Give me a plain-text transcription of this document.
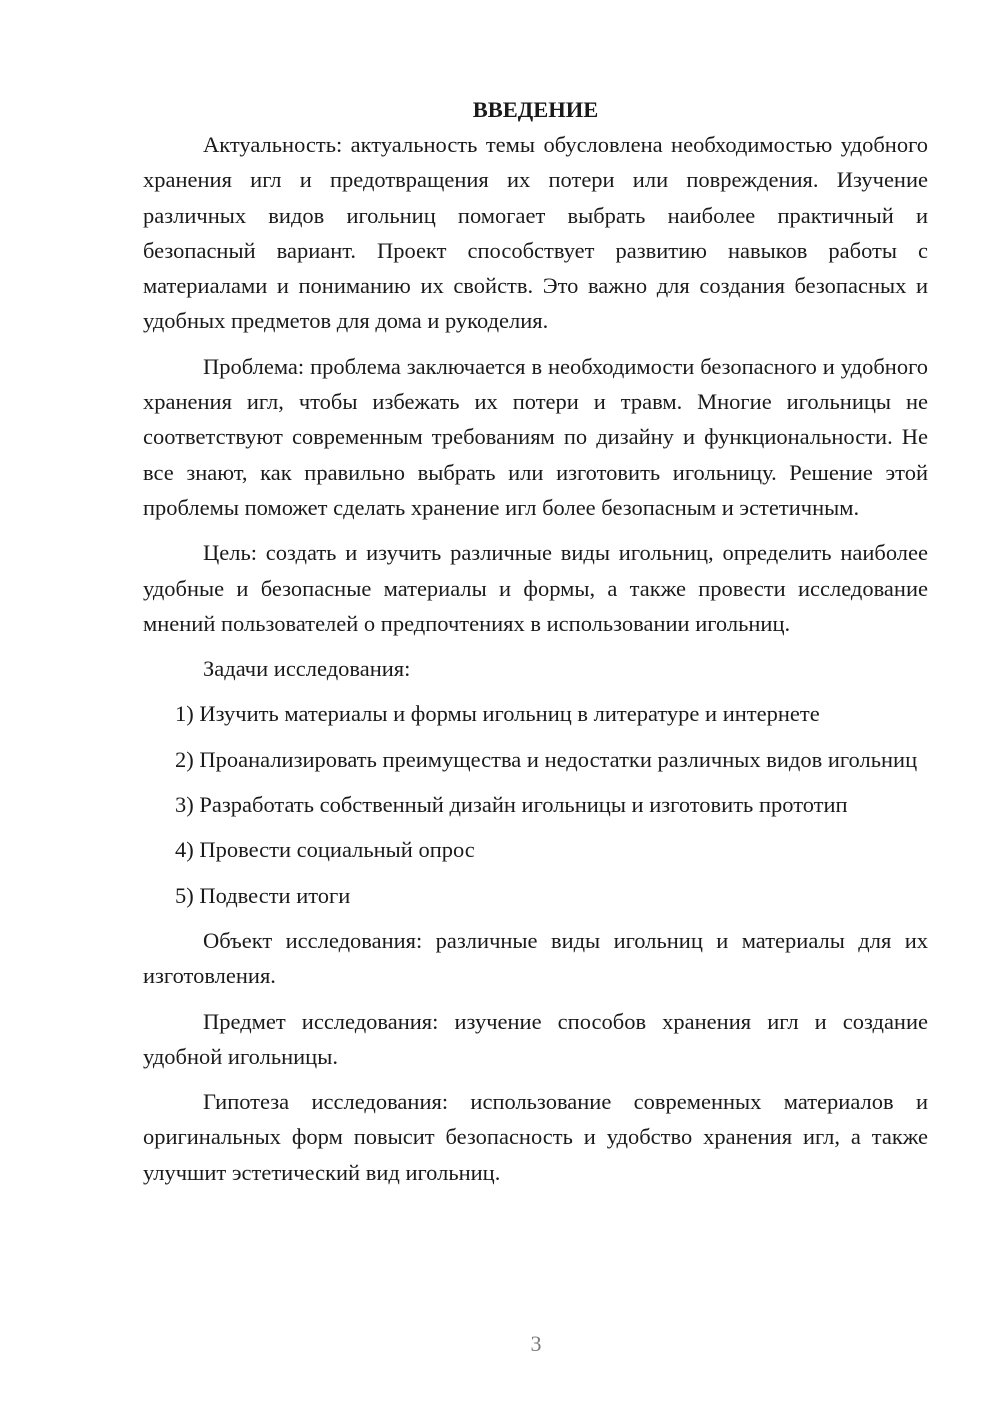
ВВЕДЕНИЕ

Актуальность: актуальность темы обусловлена необходимостью удобного хранения игл и предотвращения их потери или повреждения. Изучение различных видов игольниц помогает выбрать наиболее практичный и безопасный вариант. Проект способствует развитию навыков работы с материалами и пониманию их свойств. Это важно для создания безопасных и удобных предметов для дома и рукоделия.

Проблема: проблема заключается в необходимости безопасного и удобного хранения игл, чтобы избежать их потери и травм. Многие игольницы не соответствуют современным требованиям по дизайну и функциональности. Не все знают, как правильно выбрать или изготовить игольницу. Решение этой проблемы поможет сделать хранение игл более безопасным и эстетичным.

Цель: создать и изучить различные виды игольниц, определить наиболее удобные и безопасные материалы и формы, а также провести исследование мнений пользователей о предпочтениях в использовании игольниц.

Задачи исследования:

1) Изучить материалы и формы игольниц в литературе и интернете

2) Проанализировать преимущества и недостатки различных видов игольниц

3) Разработать собственный дизайн игольницы и изготовить прототип

4) Провести социальный опрос

5) Подвести итоги

Объект исследования: различные виды игольниц и материалы для их изготовления.

Предмет исследования: изучение способов хранения игл и создание удобной игольницы.

Гипотеза исследования: использование современных материалов и оригинальных форм повысит безопасность и удобство хранения игл, а также улучшит эстетический вид игольниц.

3
